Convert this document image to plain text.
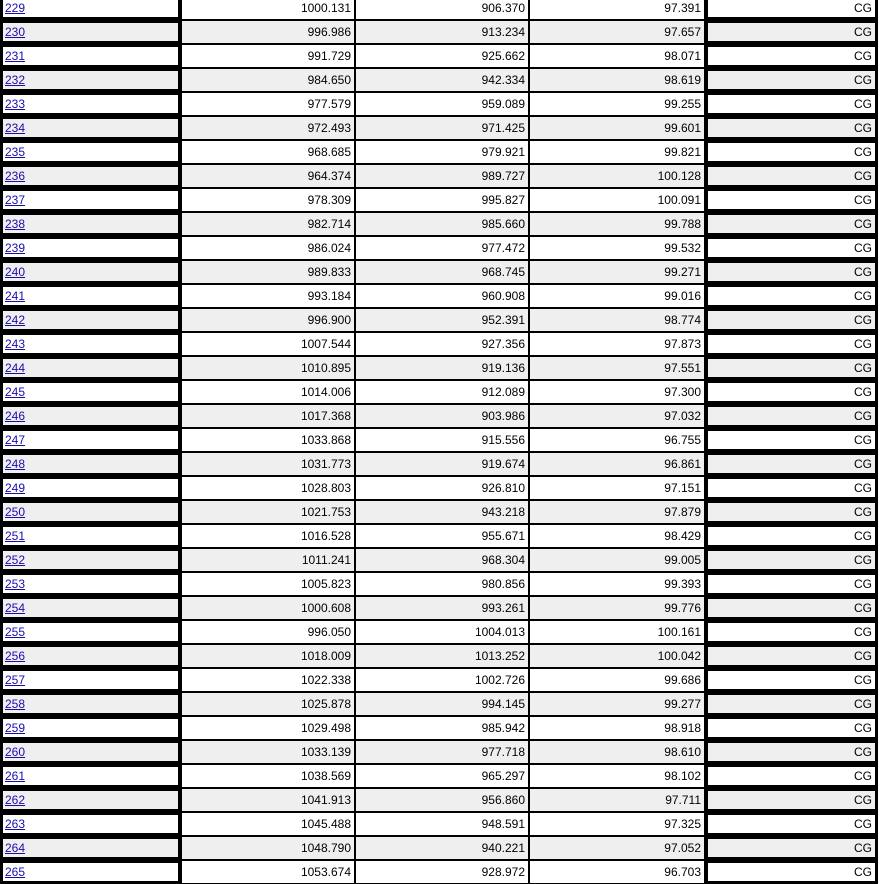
229	1000.131	906.370	97.391	CG
230	996.986	913.234	97.657	CG
231	991.729	925.662	98.071	CG
232	984.650	942.334	98.619	CG
233	977.579	959.089	99.255	CG
234	972.493	971.425	99.601	CG
235	968.685	979.921	99.821	CG
236	964.374	989.727	100.128	CG
237	978.309	995.827	100.091	CG
238	982.714	985.660	99.788	CG
239	986.024	977.472	99.532	CG
240	989.833	968.745	99.271	CG
241	993.184	960.908	99.016	CG
242	996.900	952.391	98.774	CG
243	1007.544	927.356	97.873	CG
244	1010.895	919.136	97.551	CG
245	1014.006	912.089	97.300	CG
246	1017.368	903.986	97.032	CG
247	1033.868	915.556	96.755	CG
248	1031.773	919.674	96.861	CG
249	1028.803	926.810	97.151	CG
250	1021.753	943.218	97.879	CG
251	1016.528	955.671	98.429	CG
252	1011.241	968.304	99.005	CG
253	1005.823	980.856	99.393	CG
254	1000.608	993.261	99.776	CG
255	996.050	1004.013	100.161	CG
256	1018.009	1013.252	100.042	CG
257	1022.338	1002.726	99.686	CG
258	1025.878	994.145	99.277	CG
259	1029.498	985.942	98.918	CG
260	1033.139	977.718	98.610	CG
261	1038.569	965.297	98.102	CG
262	1041.913	956.860	97.711	CG
263	1045.488	948.591	97.325	CG
264	1048.790	940.221	97.052	CG
265	1053.674	928.972	96.703	CG
